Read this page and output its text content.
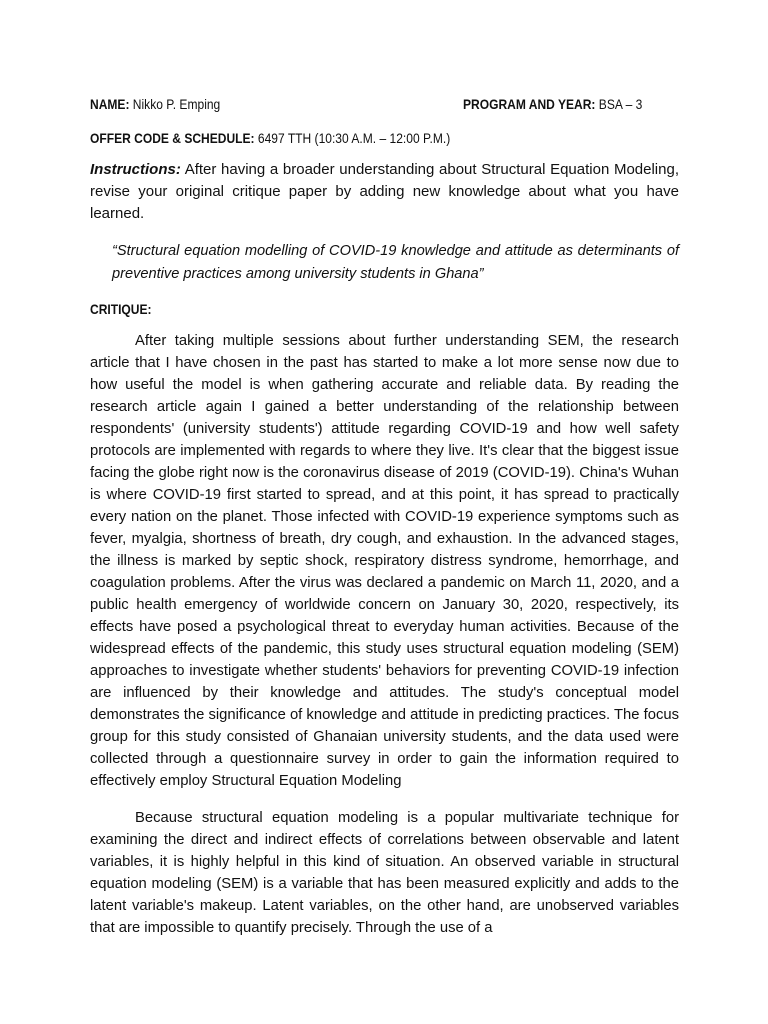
NAME: Nikko P. Emping	PROGRAM AND YEAR: BSA – 3
OFFER CODE & SCHEDULE: 6497 TTH (10:30 A.M. – 12:00 P.M.)

Instructions: After having a broader understanding about Structural Equation Modeling, revise your original critique paper by adding new knowledge about what you have learned.

“Structural equation modelling of COVID-19 knowledge and attitude as determinants of preventive practices among university students in Ghana”

CRITIQUE:

After taking multiple sessions about further understanding SEM, the research article that I have chosen in the past has started to make a lot more sense now due to how useful the model is when gathering accurate and reliable data. By reading the research article again I gained a better understanding of the relationship between respondents' (university students') attitude regarding COVID-19 and how well safety protocols are implemented with regards to where they live. It's clear that the biggest issue facing the globe right now is the coronavirus disease of 2019 (COVID-19). China's Wuhan is where COVID-19 first started to spread, and at this point, it has spread to practically every nation on the planet. Those infected with COVID-19 experience symptoms such as fever, myalgia, shortness of breath, dry cough, and exhaustion. In the advanced stages, the illness is marked by septic shock, respiratory distress syndrome, hemorrhage, and coagulation problems. After the virus was declared a pandemic on March 11, 2020, and a public health emergency of worldwide concern on January 30, 2020, respectively, its effects have posed a psychological threat to everyday human activities. Because of the widespread effects of the pandemic, this study uses structural equation modeling (SEM) approaches to investigate whether students' behaviors for preventing COVID-19 infection are influenced by their knowledge and attitudes. The study's conceptual model demonstrates the significance of knowledge and attitude in predicting practices. The focus group for this study consisted of Ghanaian university students, and the data used were collected through a questionnaire survey in order to gain the information required to effectively employ Structural Equation Modeling

Because structural equation modeling is a popular multivariate technique for examining the direct and indirect effects of correlations between observable and latent variables, it is highly helpful in this kind of situation. An observed variable in structural equation modeling (SEM) is a variable that has been measured explicitly and adds to the latent variable's makeup. Latent variables, on the other hand, are unobserved variables that are impossible to quantify precisely. Through the use of a
